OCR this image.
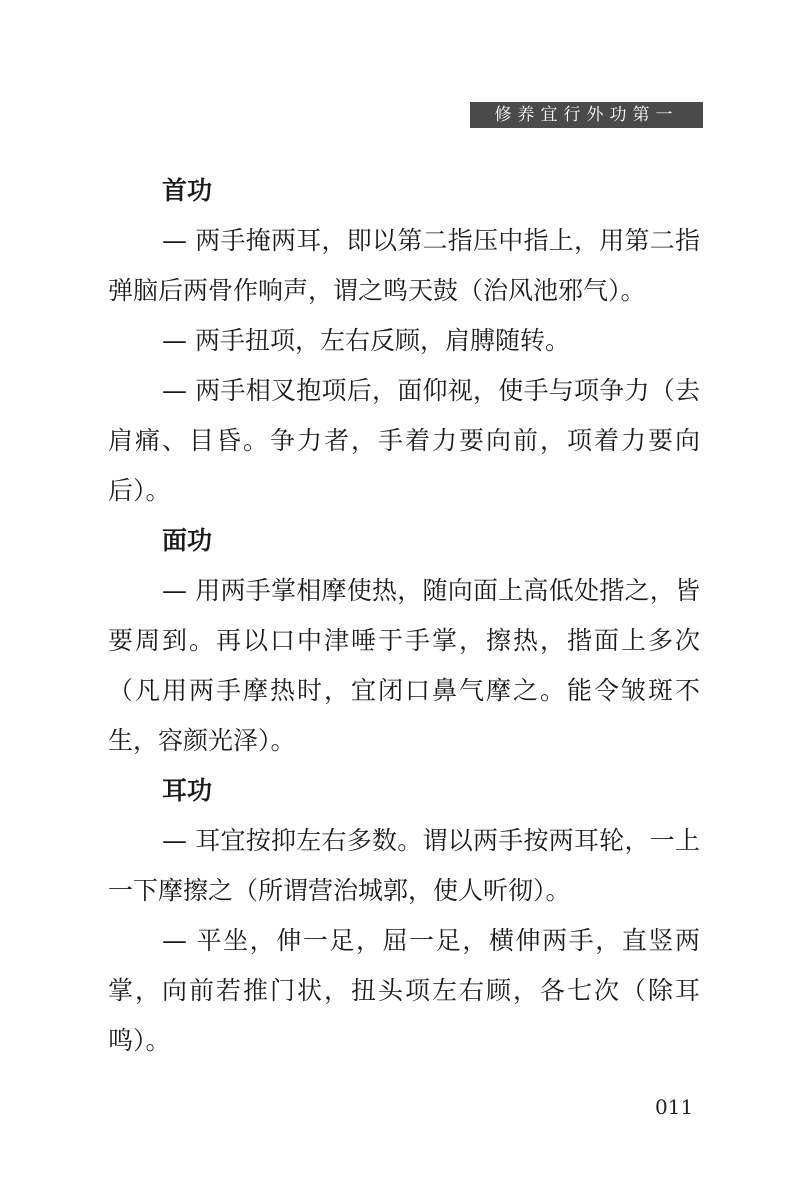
修养宜行外功第一
首功
— 两手掩两耳，即以第二指压中指上，用第二指弹脑后两骨作响声，谓之鸣天鼓（治风池邪气）。
— 两手扭项，左右反顾，肩膊随转。
— 两手相叉抱项后，面仰视，使手与项争力（去肩痛、目昏。争力者，手着力要向前，项着力要向后）。
面功
— 用两手掌相摩使热，随向面上高低处揩之，皆要周到。再以口中津唾于手掌，擦热，揩面上多次（凡用两手摩热时，宜闭口鼻气摩之。能令皱斑不生，容颜光泽）。
耳功
— 耳宜按抑左右多数。谓以两手按两耳轮，一上一下摩擦之（所谓营治城郭，使人听彻）。
— 平坐，伸一足，屈一足，横伸两手，直竖两掌，向前若推门状，扭头项左右顾，各七次（除耳鸣）。
011
